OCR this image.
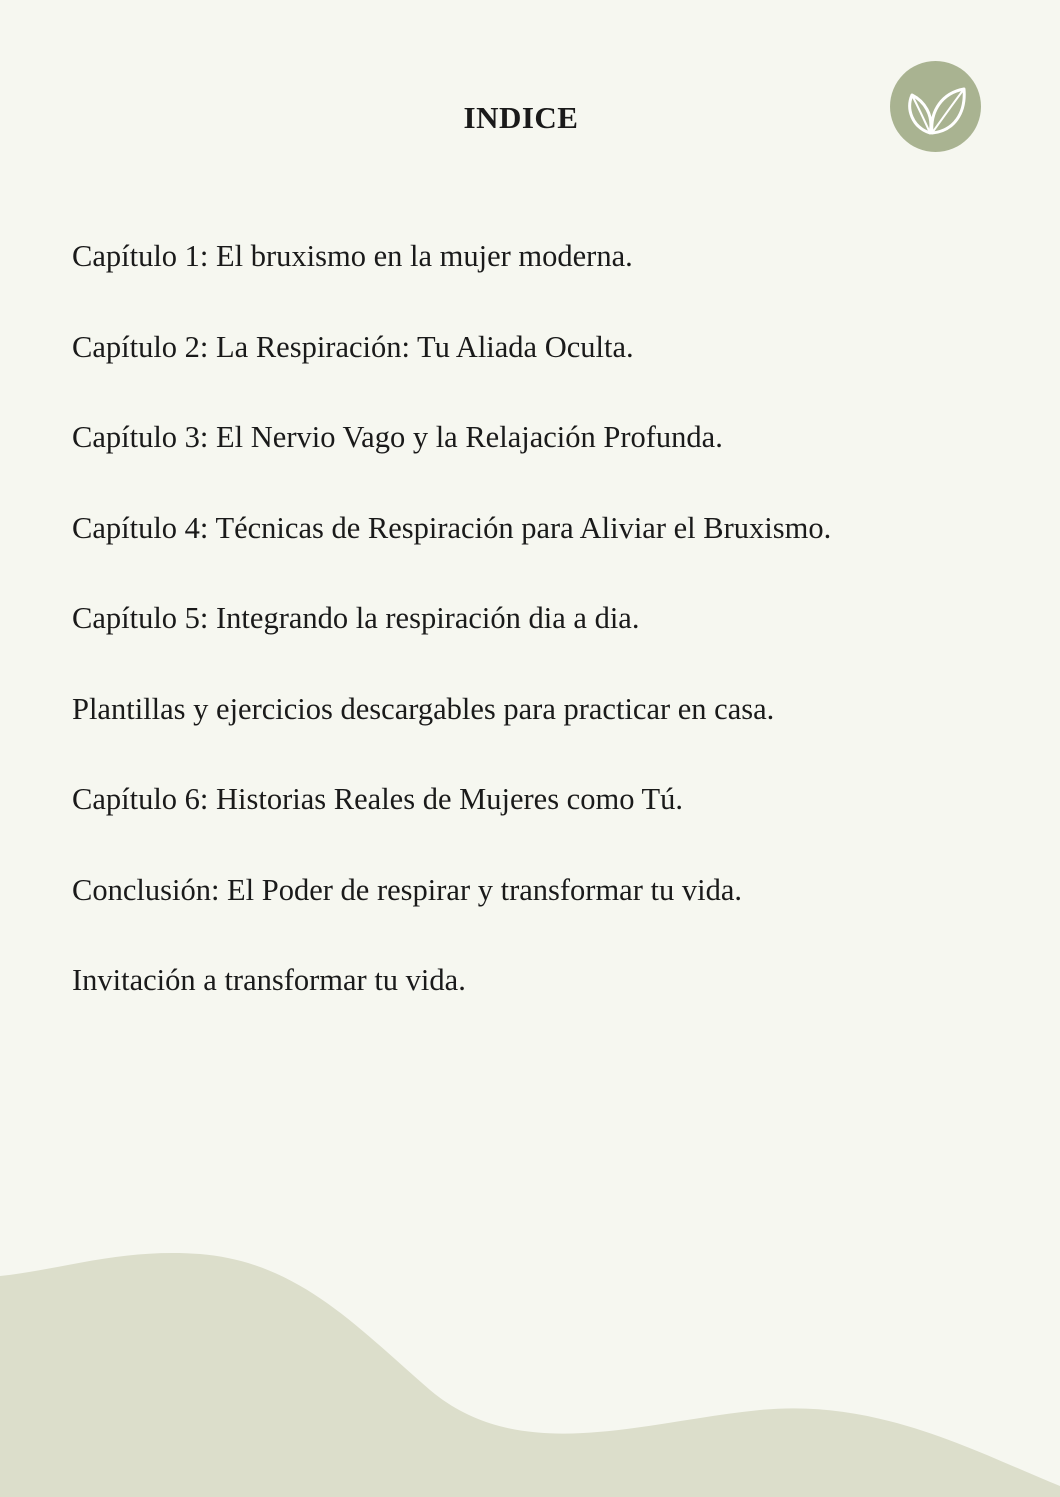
INDICE
Capítulo 1: El bruxismo en la mujer moderna.
Capítulo 2: La Respiración: Tu Aliada Oculta.
Capítulo 3: El Nervio Vago y la Relajación Profunda.
Capítulo 4: Técnicas de Respiración para Aliviar el Bruxismo.
Capítulo 5: Integrando la respiración dia a dia.
Plantillas y ejercicios descargables para practicar en casa.
Capítulo 6: Historias Reales de Mujeres como Tú.
Conclusión: El Poder de respirar y transformar tu vida.
Invitación a transformar tu vida.
